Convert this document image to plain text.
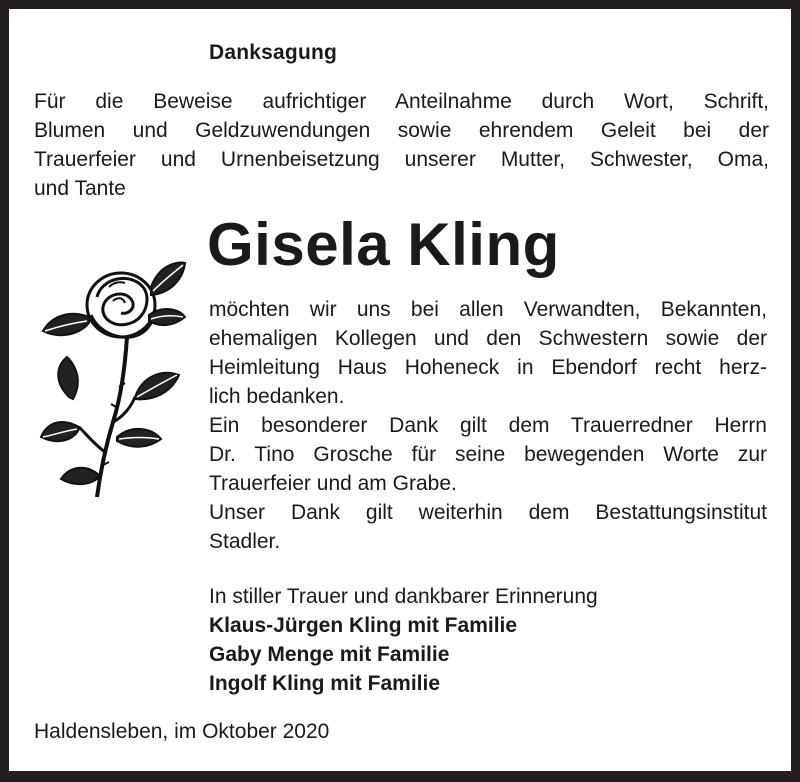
Danksagung
Für die Beweise aufrichtiger Anteilnahme durch Wort, Schrift,
Blumen und Geldzuwendungen sowie ehrendem Geleit bei der
Trauerfeier und Urnenbeisetzung unserer Mutter, Schwester, Oma,
und Tante
Gisela Kling
möchten wir uns bei allen Verwandten, Bekannten,
ehemaligen Kollegen und den Schwestern sowie der
Heimleitung Haus Hoheneck in Ebendorf recht herz-
lich bedanken.
Ein besonderer Dank gilt dem Trauerredner Herrn
Dr. Tino Grosche für seine bewegenden Worte zur
Trauerfeier und am Grabe.
Unser Dank gilt weiterhin dem Bestattungsinstitut
Stadler.
In stiller Trauer und dankbarer Erinnerung
Klaus-Jürgen Kling mit Familie
Gaby Menge mit Familie
Ingolf Kling mit Familie
Haldensleben, im Oktober 2020
